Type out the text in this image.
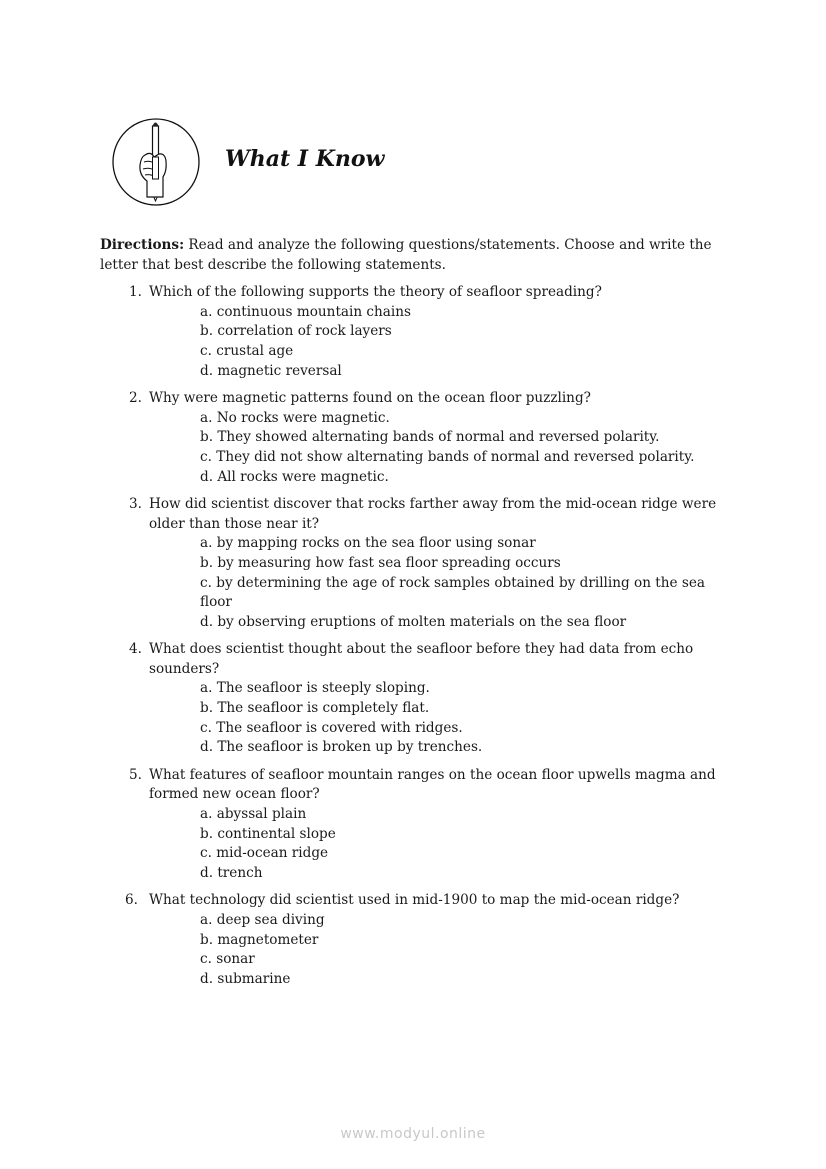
What I Know
Directions: Read and analyze the following questions/statements. Choose and write the letter that best describe the following statements.
1. Which of the following supports the theory of seafloor spreading?
a. continuous mountain chains
b. correlation of rock layers
c. crustal age
d. magnetic reversal
2. Why were magnetic patterns found on the ocean floor puzzling?
a. No rocks were magnetic.
b. They showed alternating bands of normal and reversed polarity.
c. They did not show alternating bands of normal and reversed polarity.
d. All rocks were magnetic.
3. How did scientist discover that rocks farther away from the mid-ocean ridge were older than those near it?
a. by mapping rocks on the sea floor using sonar
b. by measuring how fast sea floor spreading occurs
c. by determining the age of rock samples obtained by drilling on the sea floor
d. by observing eruptions of molten materials on the sea floor
4. What does scientist thought about the seafloor before they had data from echo sounders?
a. The seafloor is steeply sloping.
b. The seafloor is completely flat.
c. The seafloor is covered with ridges.
d. The seafloor is broken up by trenches.
5. What features of seafloor mountain ranges on the ocean floor upwells magma and formed new ocean floor?
a. abyssal plain
b. continental slope
c. mid-ocean ridge
d. trench
6. What technology did scientist used in mid-1900 to map the mid-ocean ridge?
a. deep sea diving
b. magnetometer
c. sonar
d. submarine
www.modyul.online
